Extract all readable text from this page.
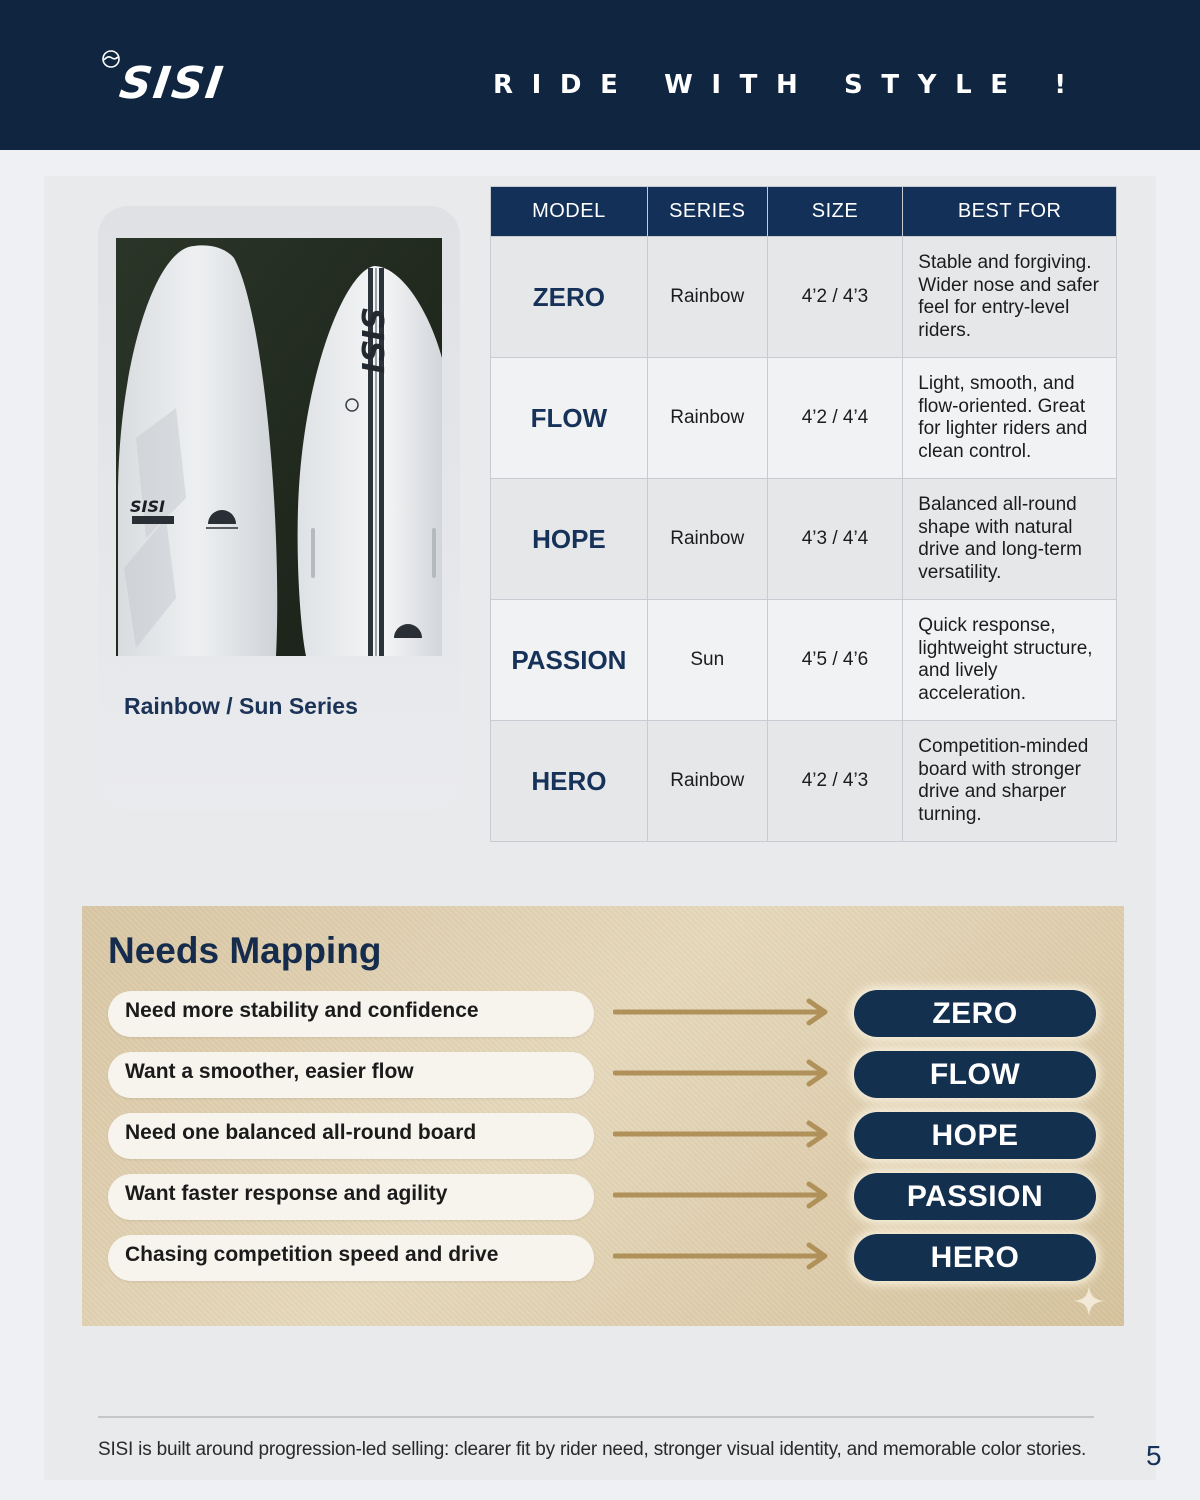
SISI	RIDE WITH STYLE !
SISI
SISI
Rainbow / Sun Series
MODEL	SERIES	SIZE	BEST FOR
ZERO	Rainbow	4’2 / 4’3	Stable and forgiving. Wider nose and safer feel for entry-level riders.
FLOW	Rainbow	4’2 / 4’4	Light, smooth, and flow-oriented. Great for lighter riders and clean control.
HOPE	Rainbow	4’3 / 4’4	Balanced all-round shape with natural drive and long-term versatility.
PASSION	Sun	4’5 / 4’6	Quick response, lightweight structure, and lively acceleration.
HERO	Rainbow	4’2 / 4’3	Competition-minded board with stronger drive and sharper turning.
Needs Mapping
Need more stability and confidence	ZERO
Want a smoother, easier flow	FLOW
Need one balanced all-round board	HOPE
Want faster response and agility	PASSION
Chasing competition speed and drive	HERO
SISI is built around progression-led selling: clearer fit by rider need, stronger visual identity, and memorable color stories. 5
